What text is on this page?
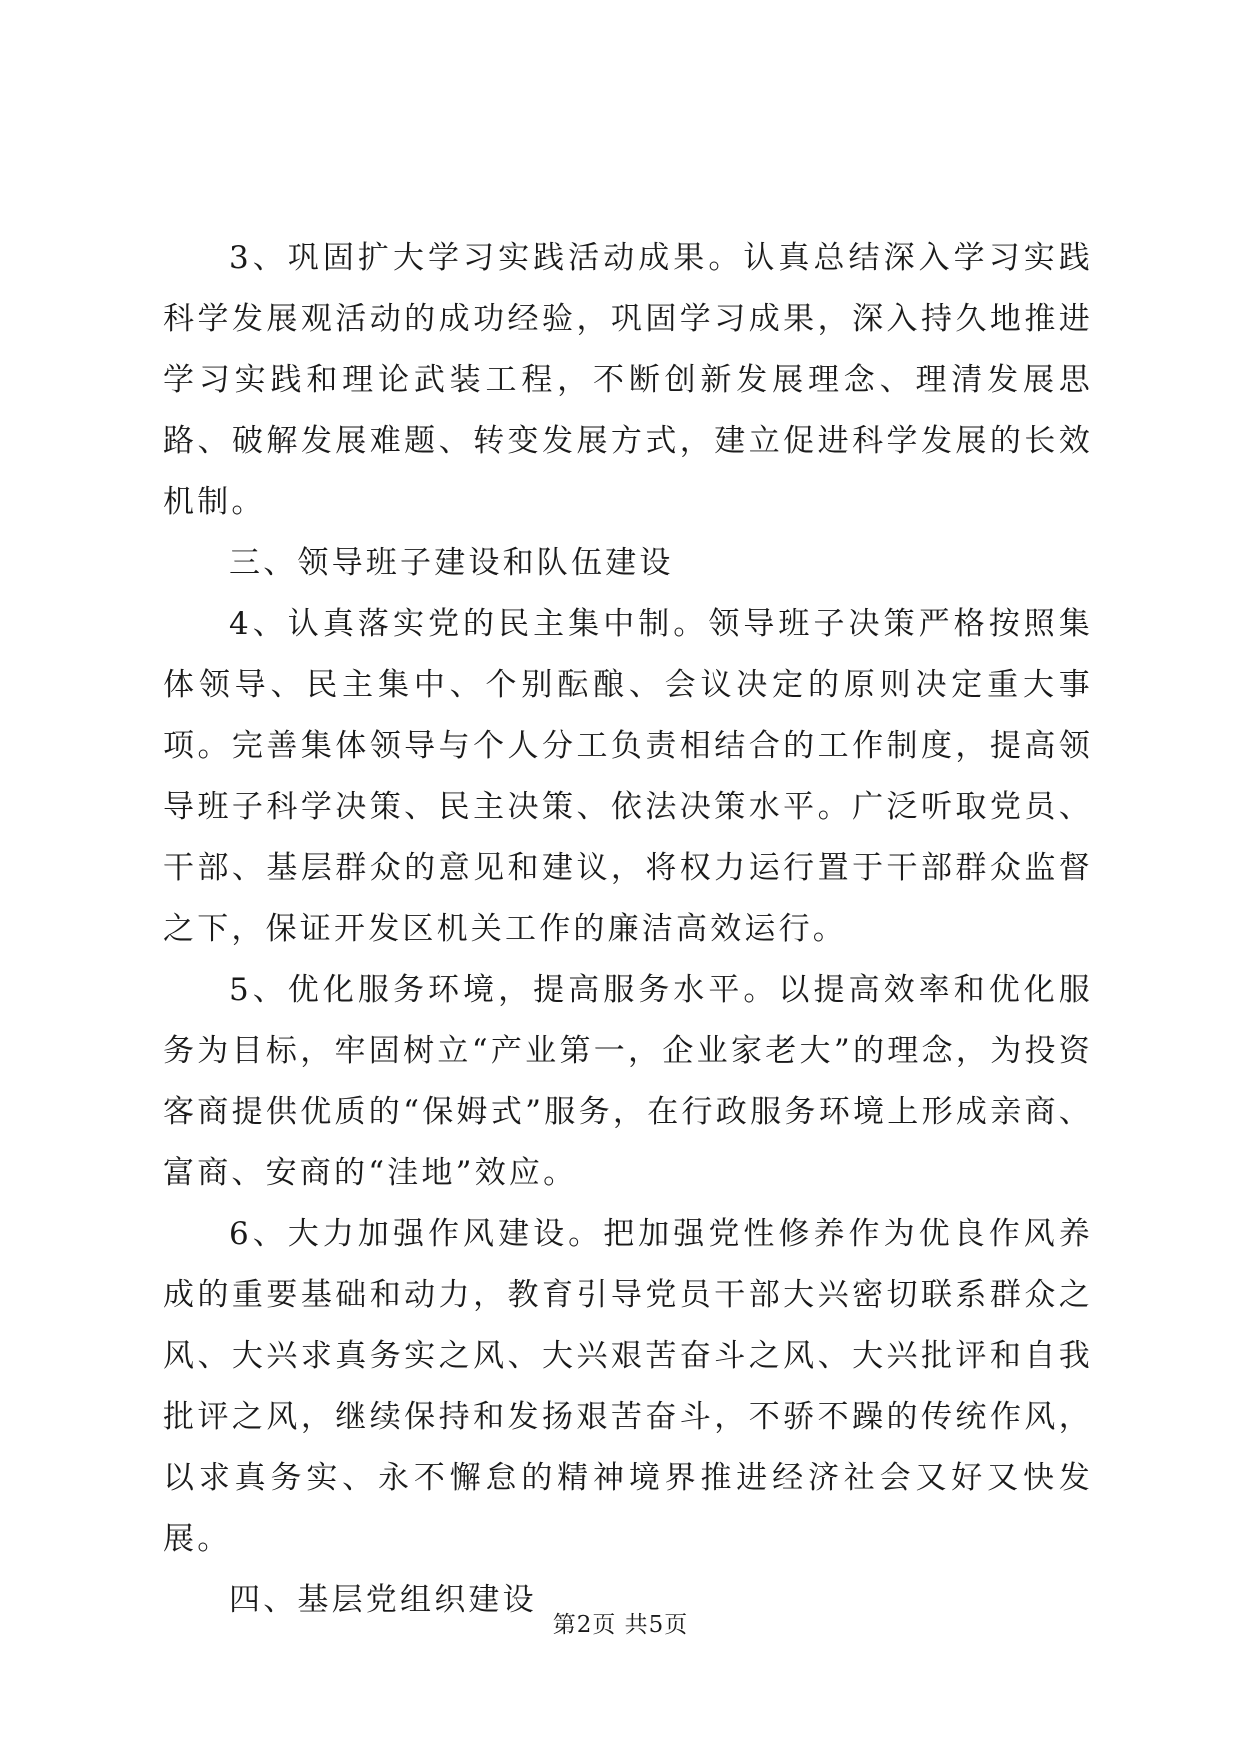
3、巩固扩大学习实践活动成果。认真总结深入学习实践科学发展观活动的成功经验，巩固学习成果，深入持久地推进学习实践和理论武装工程，不断创新发展理念、理清发展思路、破解发展难题、转变发展方式，建立促进科学发展的长效机制。

三、领导班子建设和队伍建设

4、认真落实党的民主集中制。领导班子决策严格按照集体领导、民主集中、个别酝酿、会议决定的原则决定重大事项。完善集体领导与个人分工负责相结合的工作制度，提高领导班子科学决策、民主决策、依法决策水平。广泛听取党员、干部、基层群众的意见和建议，将权力运行置于干部群众监督之下，保证开发区机关工作的廉洁高效运行。

5、优化服务环境，提高服务水平。以提高效率和优化服务为目标，牢固树立“产业第一，企业家老大”的理念，为投资客商提供优质的“保姆式”服务，在行政服务环境上形成亲商、富商、安商的“洼地”效应。

6、大力加强作风建设。把加强党性修养作为优良作风养成的重要基础和动力，教育引导党员干部大兴密切联系群众之风、大兴求真务实之风、大兴艰苦奋斗之风、大兴批评和自我批评之风，继续保持和发扬艰苦奋斗，不骄不躁的传统作风，以求真务实、永不懈怠的精神境界推进经济社会又好又快发展。

四、基层党组织建设

第2页 共5页
